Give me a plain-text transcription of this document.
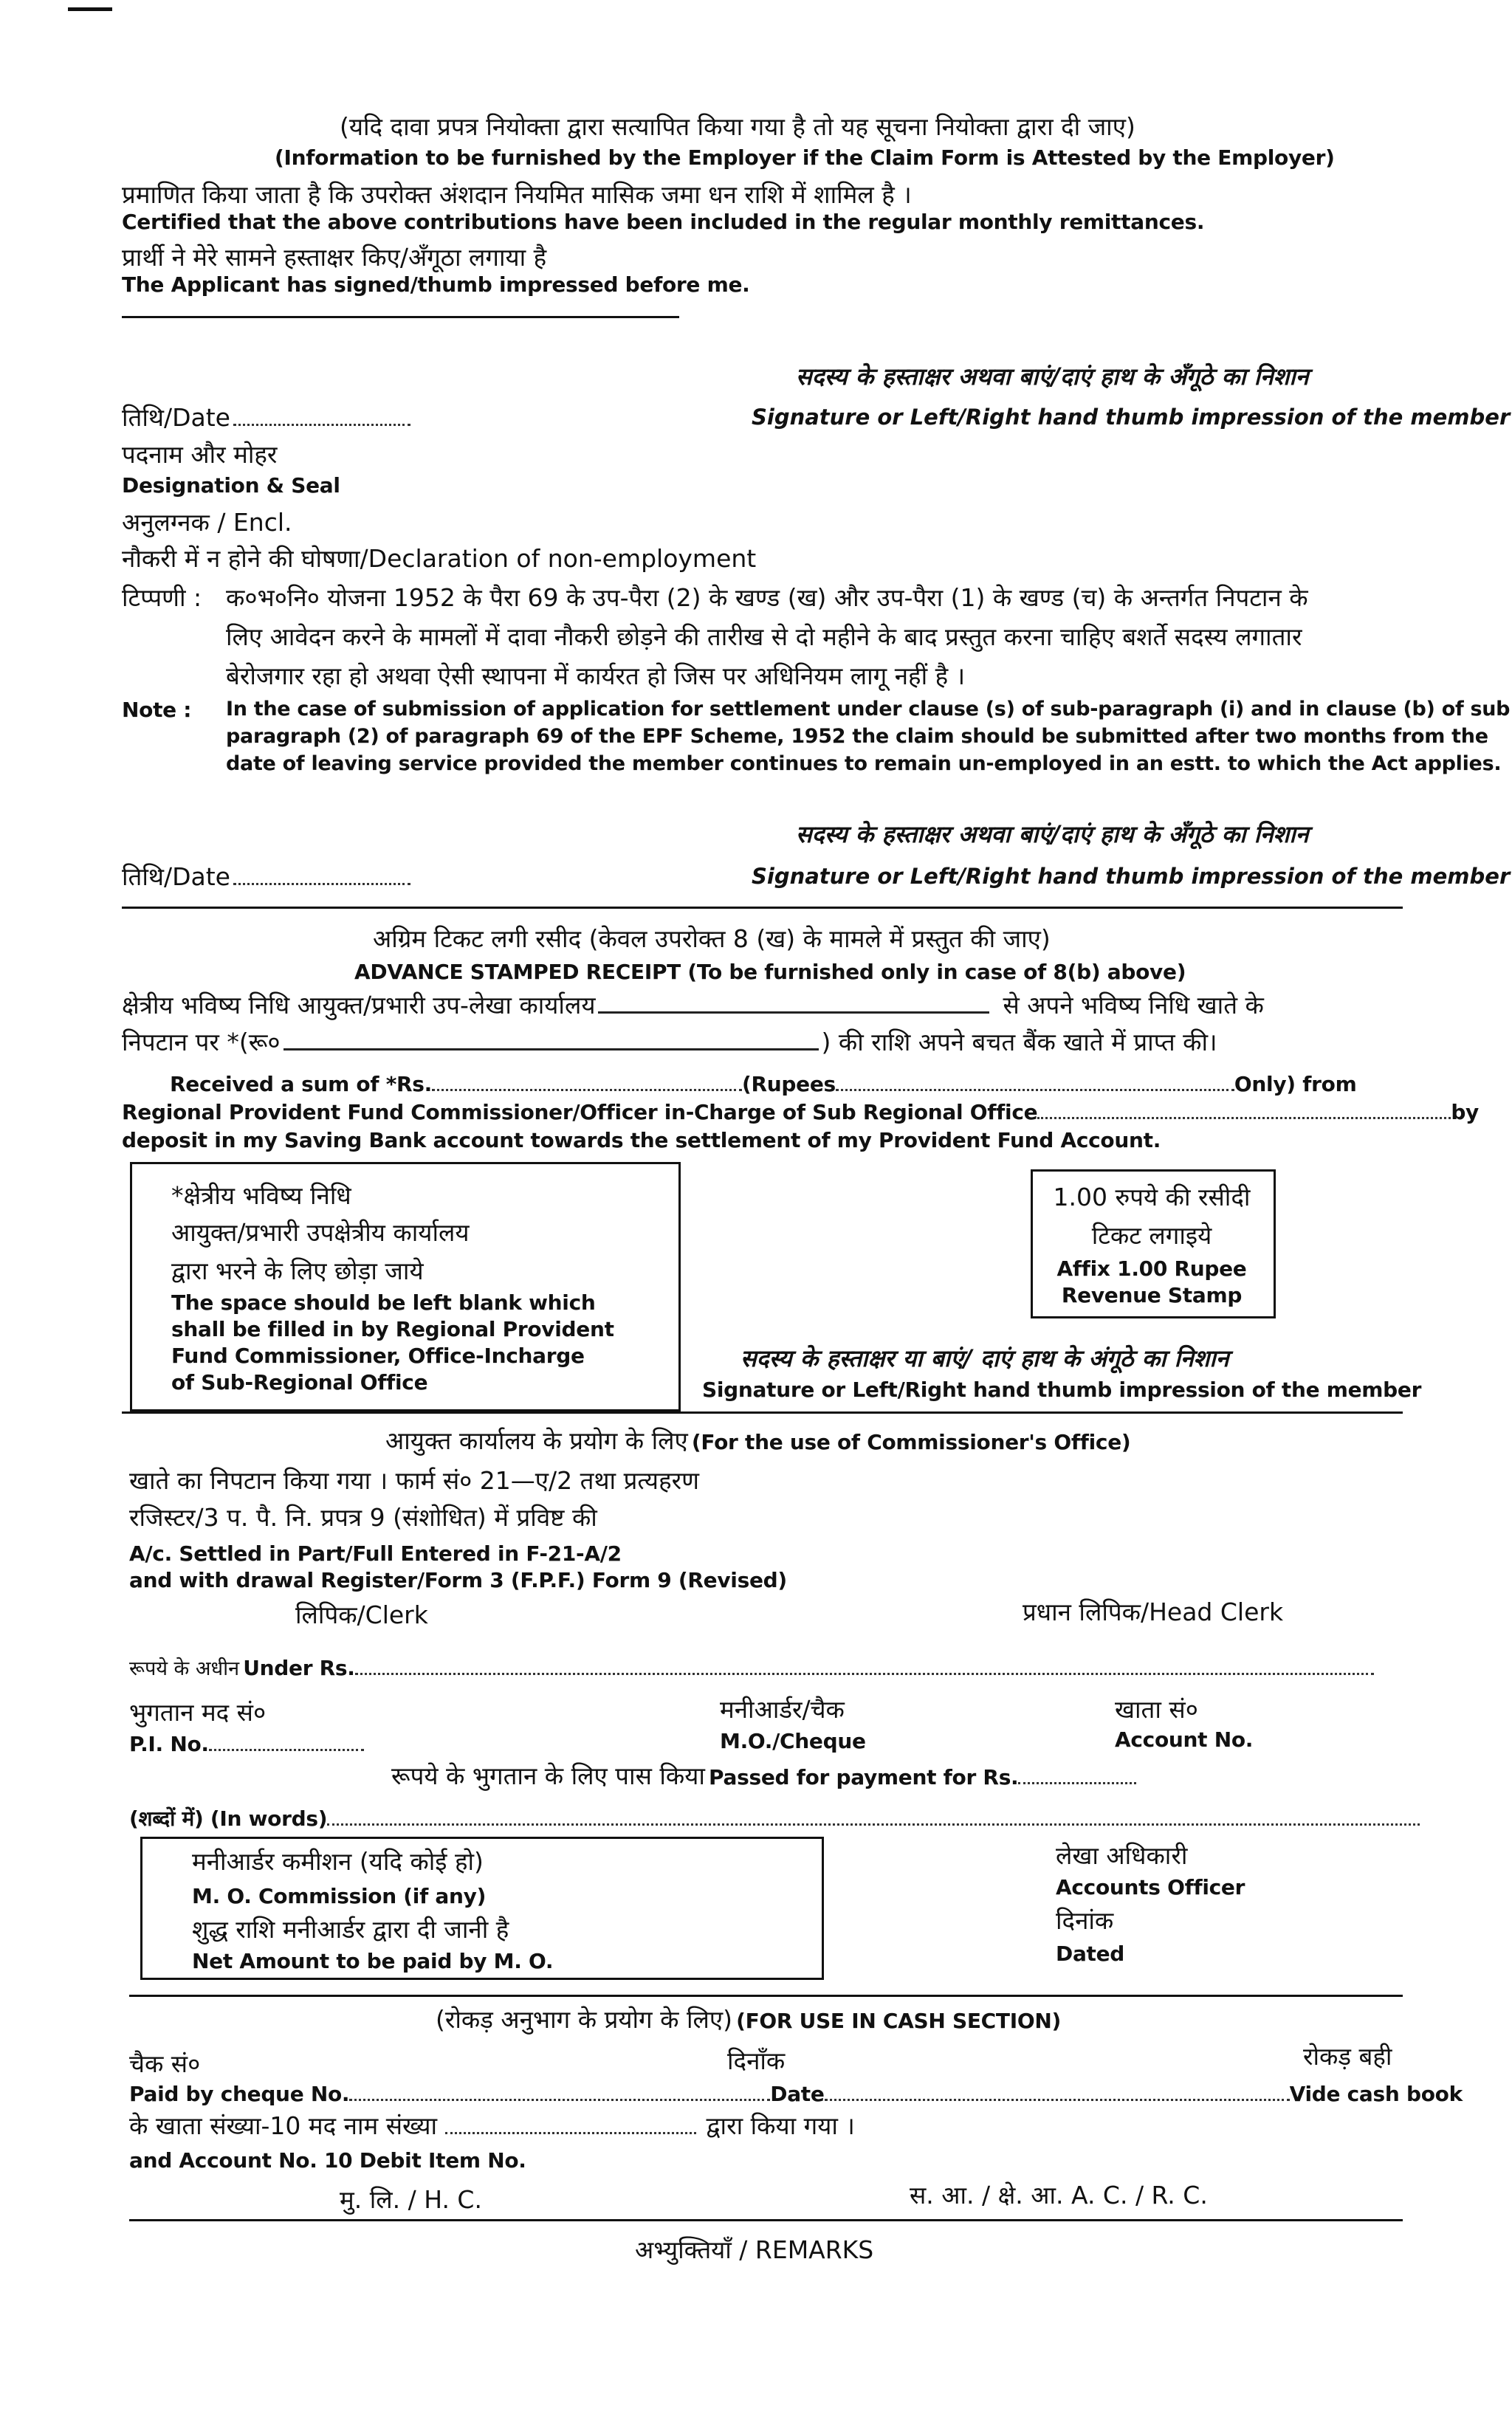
(यदि दावा प्रपत्र नियोक्ता द्वारा सत्यापित किया गया है तो यह सूचना नियोक्ता द्वारा दी जाए)
(Information to be furnished by the Employer if the Claim Form is Attested by the Employer)
प्रमाणित किया जाता है कि उपरोक्त अंशदान नियमित मासिक जमा धन राशि में शामिल है ।
Certified that the above contributions have been included in the regular monthly remittances.
प्रार्थी ने मेरे सामने हस्ताक्षर किए/अँगूठा लगाया है
The Applicant has signed/thumb impressed before me.
सदस्य के हस्ताक्षर अथवा बाएं/दाएं हाथ के अँगूठे का निशान
तिथि/Date	Signature or Left/Right hand thumb impression of the member
पदनाम और मोहर
Designation & Seal
अनुलग्नक / Encl.
नौकरी में न होने की घोषणा/Declaration of non-employment
टिप्पणी : क०भ०नि० योजना 1952 के पैरा 69 के उप-पैरा (2) के खण्ड (ख) और उप-पैरा (1) के खण्ड (च) के अन्तर्गत निपटान के
लिए आवेदन करने के मामलों में दावा नौकरी छोड़ने की तारीख से दो महीने के बाद प्रस्तुत करना चाहिए बशर्ते सदस्य लगातार
बेरोजगार रहा हो अथवा ऐसी स्थापना में कार्यरत हो जिस पर अधिनियम लागू नहीं है ।
Note : In the case of submission of application for settlement under clause (s) of sub-paragraph (i) and in clause (b) of sub
paragraph (2) of paragraph 69 of the EPF Scheme, 1952 the claim should be submitted after two months from the
date of leaving service provided the member continues to remain un-employed in an estt. to which the Act applies.
सदस्य के हस्ताक्षर अथवा बाएं/दाएं हाथ के अँगूठे का निशान
तिथि/Date	Signature or Left/Right hand thumb impression of the member
अग्रिम टिकट लगी रसीद (केवल उपरोक्त 8 (ख) के मामले में प्रस्तुत की जाए)
ADVANCE STAMPED RECEIPT (To be furnished only in case of 8(b) above)
क्षेत्रीय भविष्य निधि आयुक्त/प्रभारी उप-लेखा कार्यालय	से अपने भविष्य निधि खाते के
निपटान पर *(रू०	) की राशि अपने बचत बैंक खाते में प्राप्त की।
Received a sum of *Rs.	(Rupees	Only) from
Regional Provident Fund Commissioner/Officer in-Charge of Sub Regional Office	by
deposit in my Saving Bank account towards the settlement of my Provident Fund Account.
*क्षेत्रीय भविष्य निधि
आयुक्त/प्रभारी उपक्षेत्रीय कार्यालय
द्वारा भरने के लिए छोड़ा जाये
The space should be left blank which
shall be filled in by Regional Provident
Fund Commissioner, Office-Incharge
of Sub-Regional Office
1.00 रुपये की रसीदी
टिकट लगाइये
Affix 1.00 Rupee
Revenue Stamp
सदस्य के हस्ताक्षर या बाएं/ दाएं हाथ के अंगूठे का निशान
Signature or Left/Right hand thumb impression of the member
आयुक्त कार्यालय के प्रयोग के लिए (For the use of Commissioner's Office)
खाते का निपटान किया गया । फार्म सं० 21—ए/2 तथा प्रत्यहरण
रजिस्टर/3 प. पै. नि. प्रपत्र 9 (संशोधित) में प्रविष्ट की
A/c. Settled in Part/Full Entered in F-21-A/2
and with drawal Register/Form 3 (F.P.F.) Form 9 (Revised)
लिपिक/Clerk	प्रधान लिपिक/Head Clerk
रूपये के अधीन Under Rs.
भुगतान मद सं०
P.I. No.
मनीआर्डर/चैक
M.O./Cheque
खाता सं०
Account No.
रूपये के भुगतान के लिए पास किया Passed for payment for Rs.
(शब्दों में) (In words)
मनीआर्डर कमीशन (यदि कोई हो)
M. O. Commission (if any)
शुद्ध राशि मनीआर्डर द्वारा दी जानी है
Net Amount to be paid by M. O.
लेखा अधिकारी
Accounts Officer
दिनांक
Dated
(रोकड़ अनुभाग के प्रयोग के लिए) (FOR USE IN CASH SECTION)
चैक सं०	दिनाँक	रोकड़ बही
Paid by cheque No.	Date	Vide cash book
के खाता संख्या-10 मद नाम संख्या	द्वारा किया गया ।
and Account No. 10 Debit Item No.
मु. लि. / H. C.	स. आ. / क्षे. आ. A. C. / R. C.
अभ्युक्तियाँ / REMARKS
